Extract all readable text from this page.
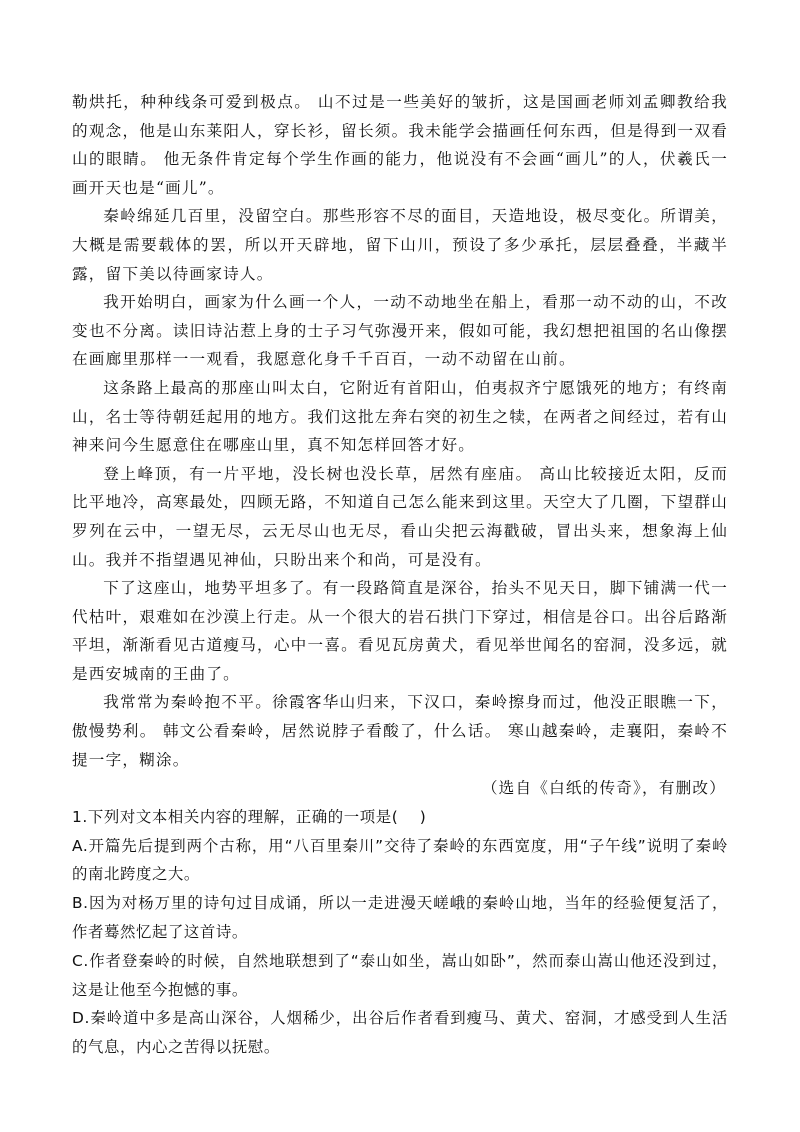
勒烘托，种种线条可爱到极点。 山不过是一些美好的皱折，这是国画老师刘孟卿教给我的观念，他是山东莱阳人，穿长衫，留长须。我未能学会描画任何东西，但是得到一双看山的眼睛。 他无条件肯定每个学生作画的能力，他说没有不会画“画儿”的人，伏羲氏一画开天也是“画儿”。

秦岭绵延几百里，没留空白。那些形容不尽的面目，天造地设，极尽变化。所谓美，大概是需要载体的罢，所以开天辟地，留下山川，预设了多少承托，层层叠叠，半藏半露，留下美以待画家诗人。

我开始明白，画家为什么画一个人，一动不动地坐在船上，看那一动不动的山，不改变也不分离。读旧诗沾惹上身的士子习气弥漫开来，假如可能，我幻想把祖国的名山像摆在画廊里那样一一观看，我愿意化身千千百百，一动不动留在山前。

这条路上最高的那座山叫太白，它附近有首阳山，伯夷叔齐宁愿饿死的地方；有终南山，名士等待朝廷起用的地方。我们这批左奔右突的初生之犊，在两者之间经过，若有山神来问今生愿意住在哪座山里，真不知怎样回答才好。

登上峰顶，有一片平地，没长树也没长草，居然有座庙。 高山比较接近太阳，反而比平地冷，高寒最处，四顾无路，不知道自己怎么能来到这里。天空大了几圈，下望群山罗列在云中，一望无尽，云无尽山也无尽，看山尖把云海戳破，冒出头来，想象海上仙山。我并不指望遇见神仙，只盼出来个和尚，可是没有。

下了这座山，地势平坦多了。有一段路简直是深谷，抬头不见天日，脚下铺满一代一代枯叶，艰难如在沙漠上行走。从一个很大的岩石拱门下穿过，相信是谷口。出谷后路渐平坦，渐渐看见古道瘦马，心中一喜。看见瓦房黄犬，看见举世闻名的窑洞，没多远，就是西安城南的王曲了。

我常常为秦岭抱不平。徐霞客华山归来，下汉口，秦岭擦身而过，他没正眼瞧一下，傲慢势利。 韩文公看秦岭，居然说脖子看酸了，什么话。 寒山越秦岭，走襄阳，秦岭不提一字，糊涂。

（选自《白纸的传奇》，有删改）

1.下列对文本相关内容的理解，正确的一项是(　 )

A.开篇先后提到两个古称，用“八百里秦川”交待了秦岭的东西宽度，用“子午线”说明了秦岭的南北跨度之大。

B.因为对杨万里的诗句过目成诵，所以一走进漫天嵯峨的秦岭山地，当年的经验便复活了，作者蓦然忆起了这首诗。

C.作者登秦岭的时候，自然地联想到了“泰山如坐，嵩山如卧”，然而泰山嵩山他还没到过，这是让他至今抱憾的事。

D.秦岭道中多是高山深谷，人烟稀少，出谷后作者看到瘦马、黄犬、窑洞，才感受到人生活的气息，内心之苦得以抚慰。
